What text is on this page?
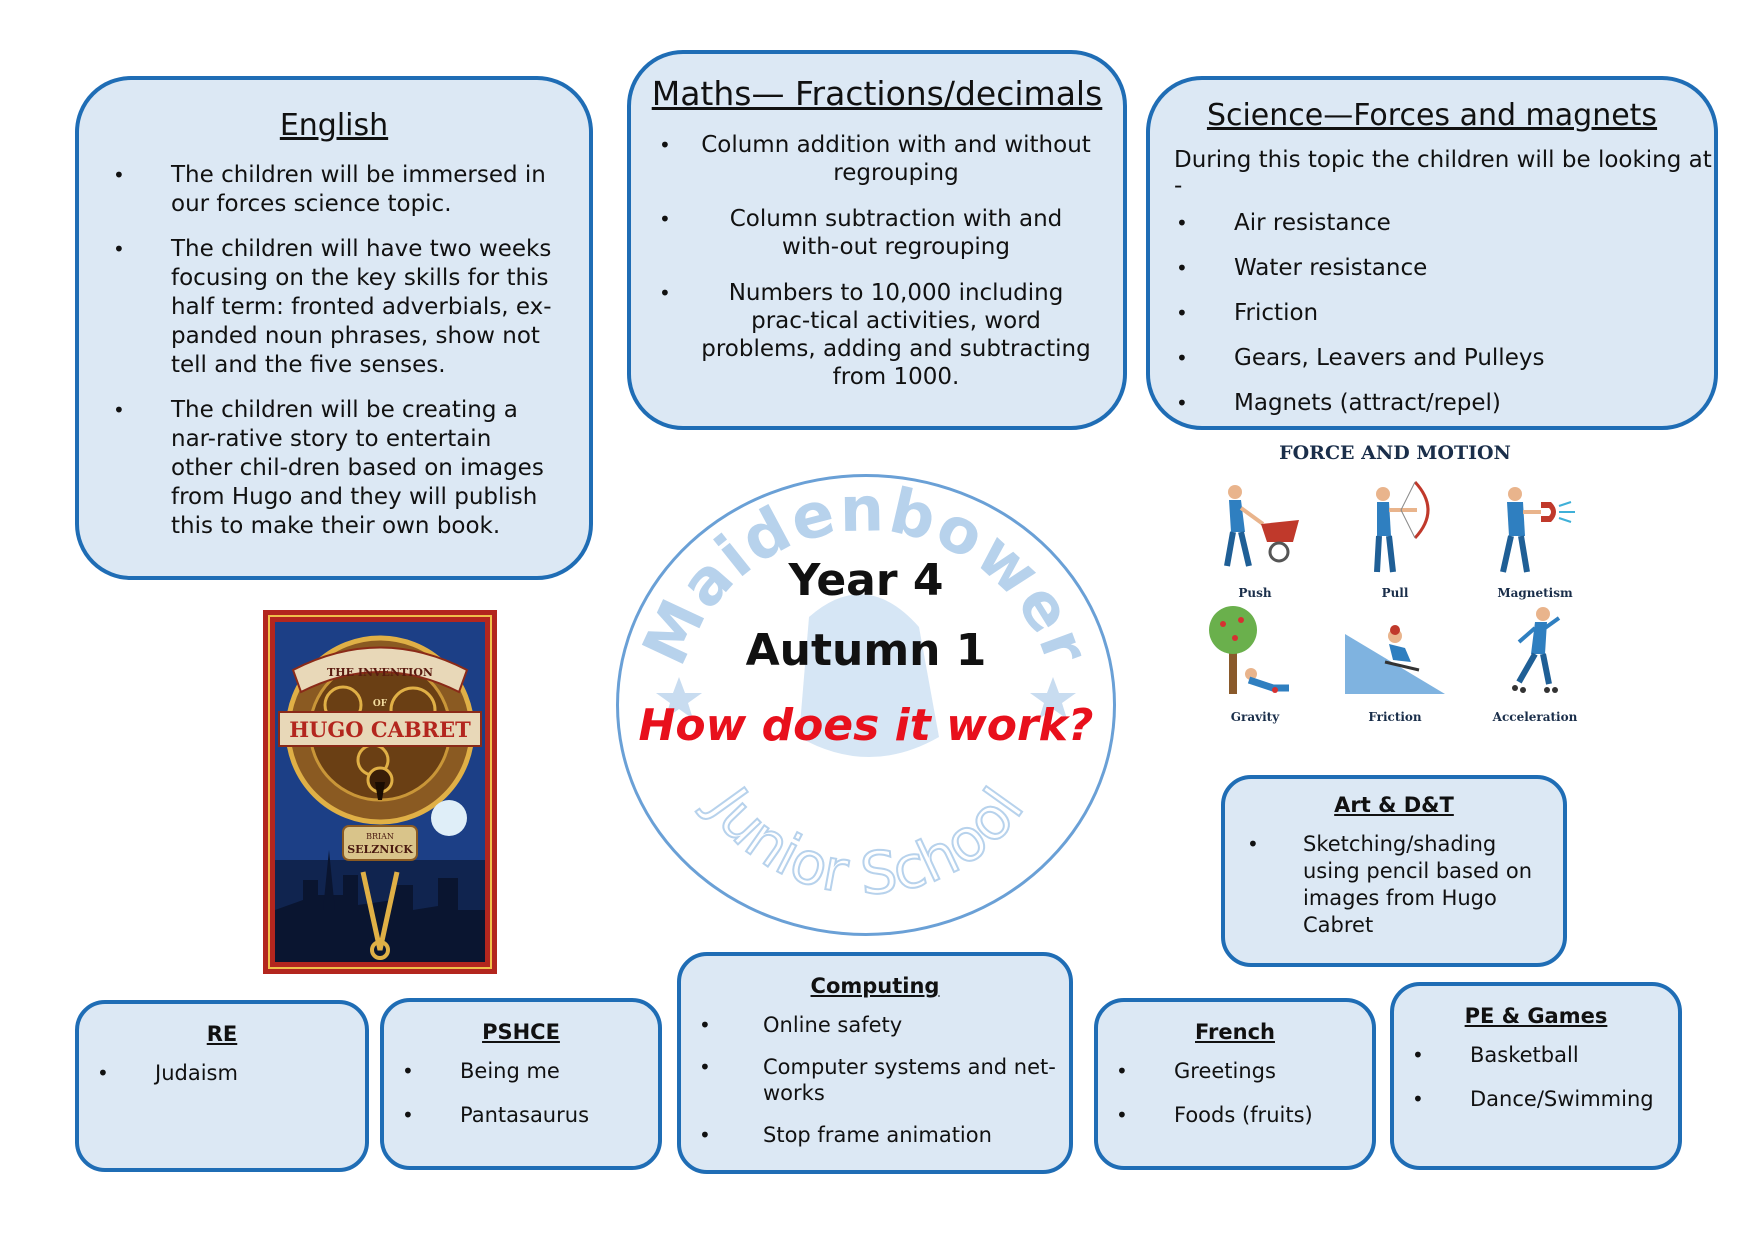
English
• The children will be immersed in our forces science topic.
• The children will have two weeks focusing on the key skills for this half term: fronted adverbials, ex-panded noun phrases, show not tell and the five senses.
• The children will be creating a nar-rative story to entertain other chil-dren based on images from Hugo and they will publish this to make their own book.
Maths— Fractions/decimals
• Column addition with and without regrouping
• Column subtraction with and with-out regrouping
• Numbers to 10,000 including prac-tical activities, word problems, adding and subtracting from 1000.
Science—Forces and magnets
During this topic the children will be looking at -
• Air resistance
• Water resistance
• Friction
• Gears, Leavers and Pulleys
• Magnets (attract/repel)
THE INVENTION
OF
HUGO CABRET
BRIAN
SELZNICK
Maidenbower
Junior School
Year 4
Autumn 1
How does it work?
FORCE AND MOTION
Push	Pull	Magnetism
Gravity	Friction	Acceleration
Art & D&T
• Sketching/shading using pencil based on images from Hugo Cabret
RE
• Judaism
PSHCE
• Being me
• Pantasaurus
Computing
• Online safety
• Computer systems and net-works
• Stop frame animation
French
• Greetings
• Foods (fruits)
PE & Games
• Basketball
• Dance/Swimming
